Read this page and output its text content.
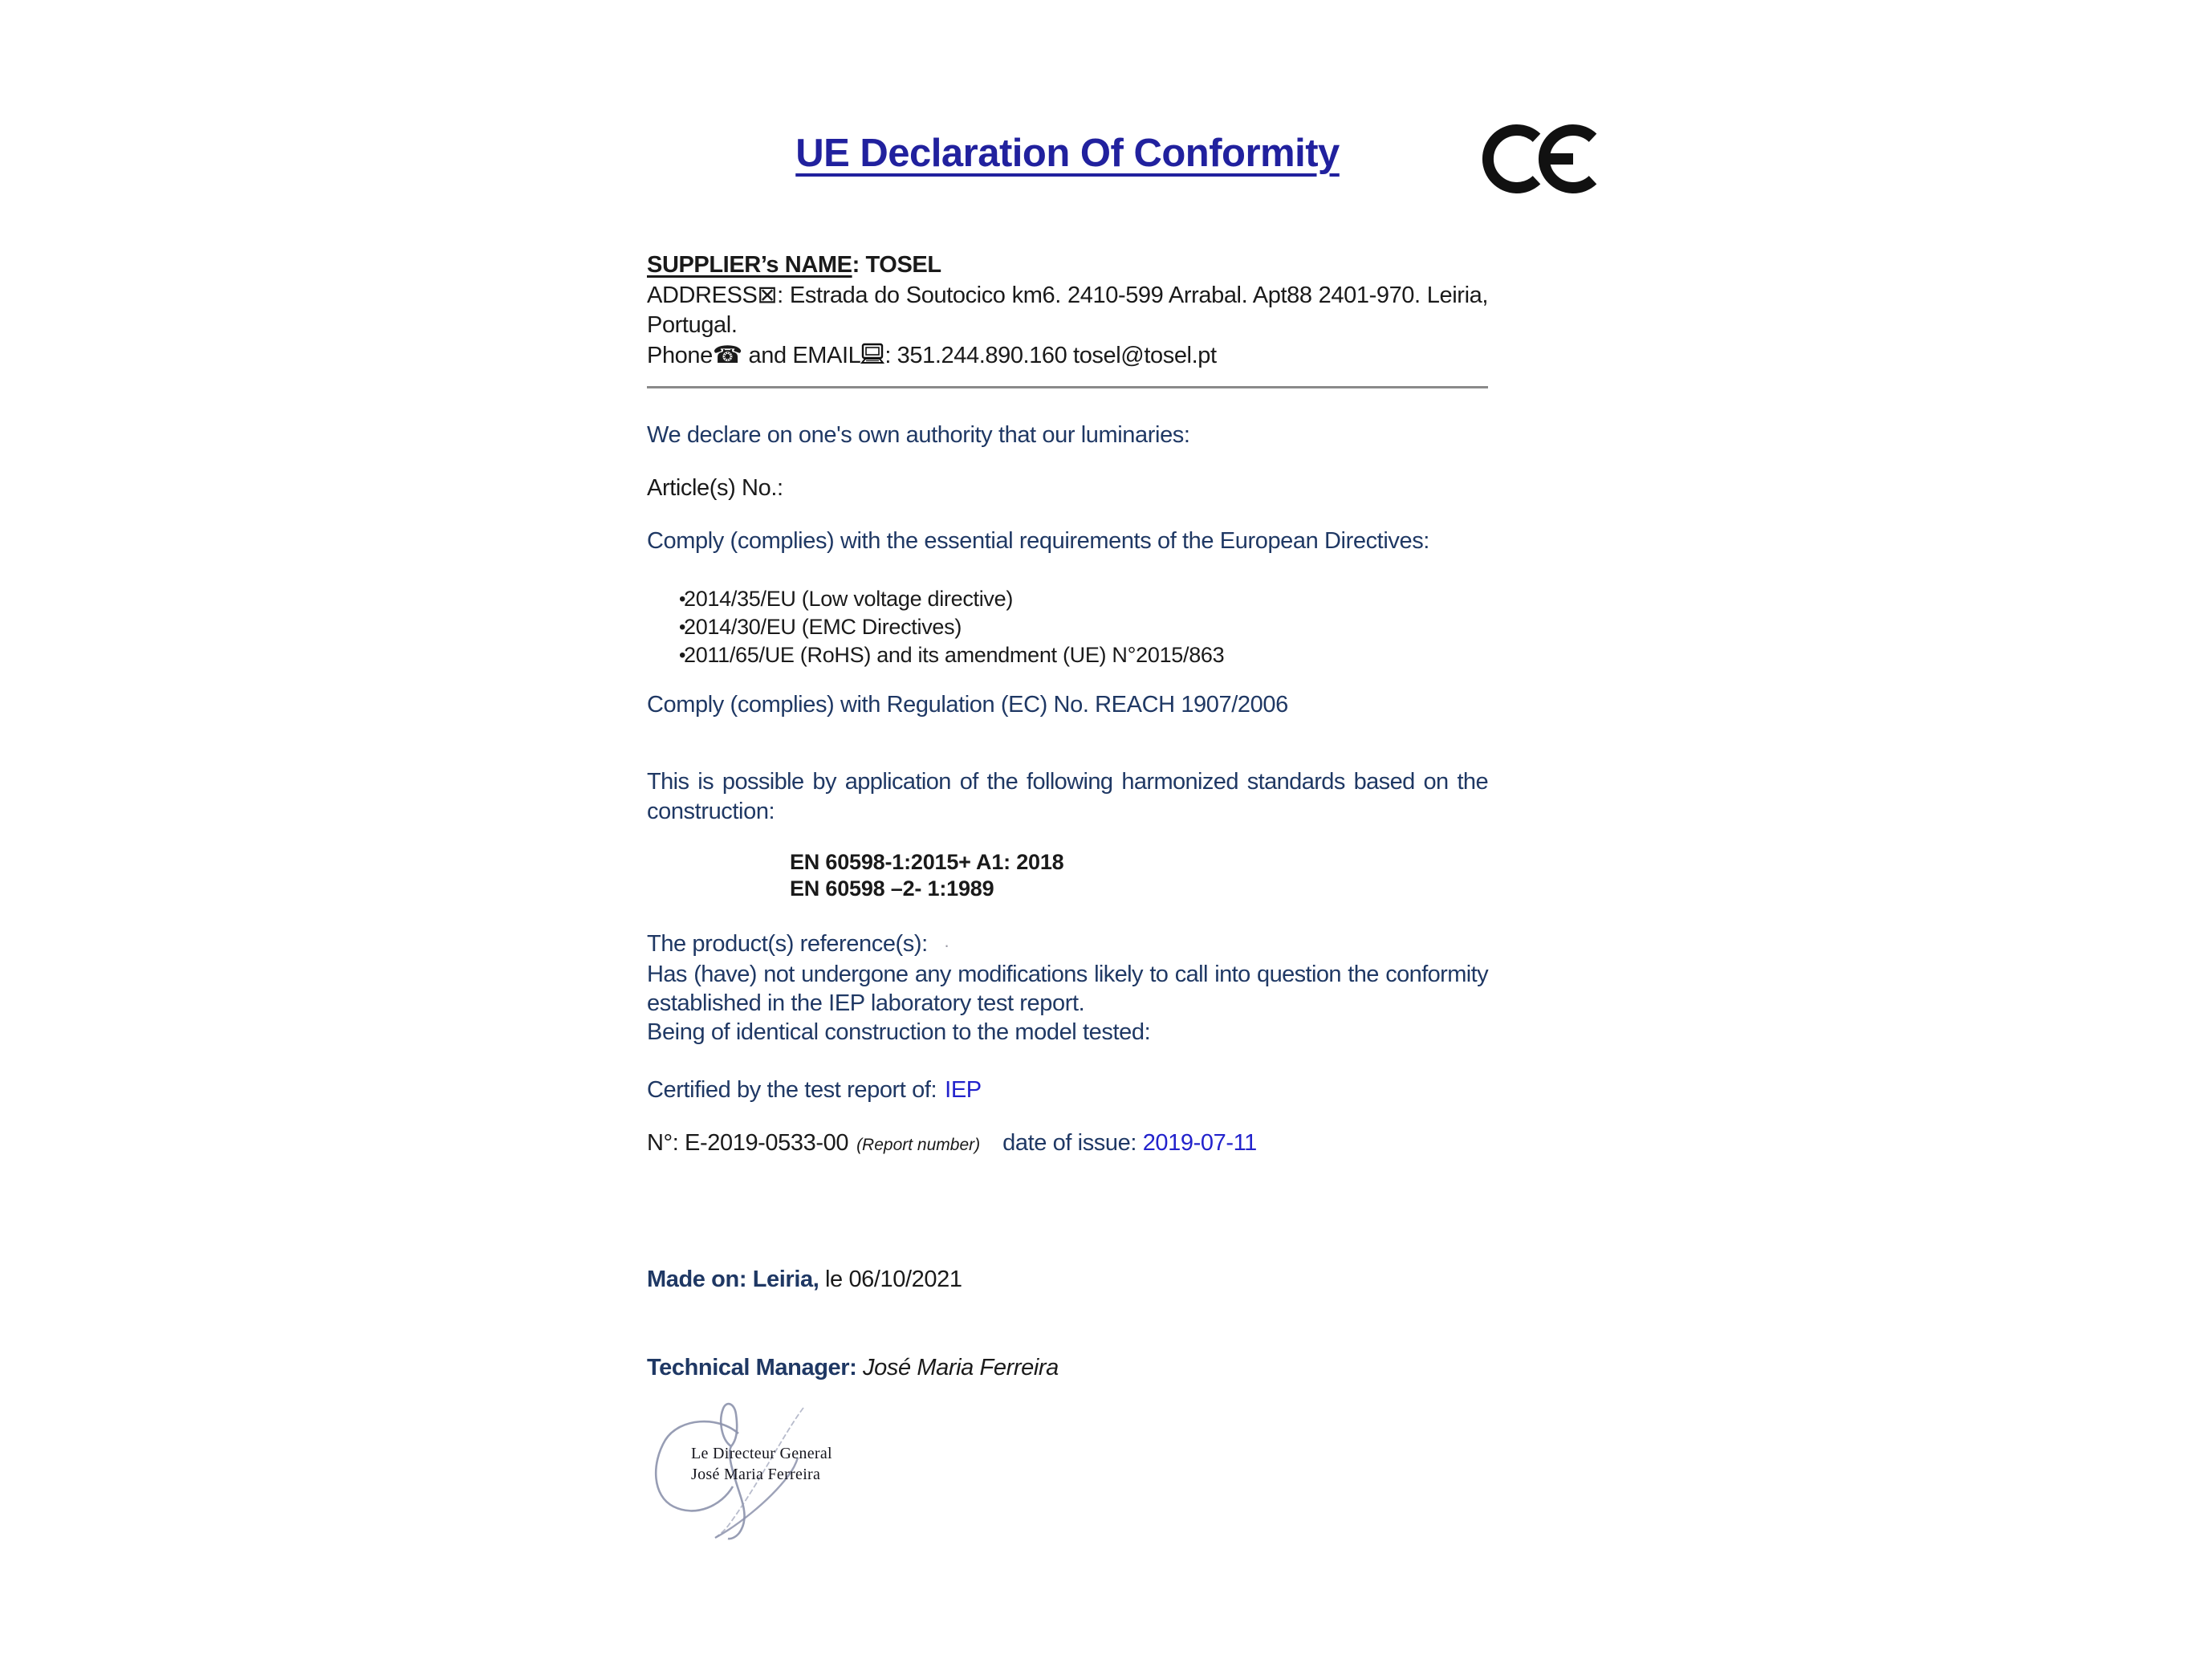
UE Declaration Of Conformity
SUPPLIER’s NAME: TOSEL
ADDRESS⊠: Estrada do Soutocico km6. 2410-599 Arrabal. Apt88 2401-970. Leiria,
Portugal.
Phone☎ and EMAIL : 351.244.890.160 tosel@tosel.pt
We declare on one's own authority that our luminaries:
Article(s) No.:
Comply (complies) with the essential requirements of the European Directives:
•
2014/35/EU (Low voltage directive)
•
2014/30/EU (EMC Directives)
•
2011/65/UE (RoHS) and its amendment (UE) N°2015/863
Comply (complies) with Regulation (EC) No. REACH 1907/2006
This is possible by application of the following harmonized standards based on the
construction:
EN 60598-1:2015+ A1: 2018
EN 60598 –2- 1:1989
The product(s) reference(s): ·
Has (have) not undergone any modifications likely to call into question the conformity
established in the IEP laboratory test report.
Being of identical construction to the model tested:
Certified by the test report of: IEP
N°: E-2019-0533-00 (Report number) date of issue: 2019-07-11
Made on: Leiria, le 06/10/2021
Technical Manager: José Maria Ferreira
Le Directeur General
José Maria Ferreira
